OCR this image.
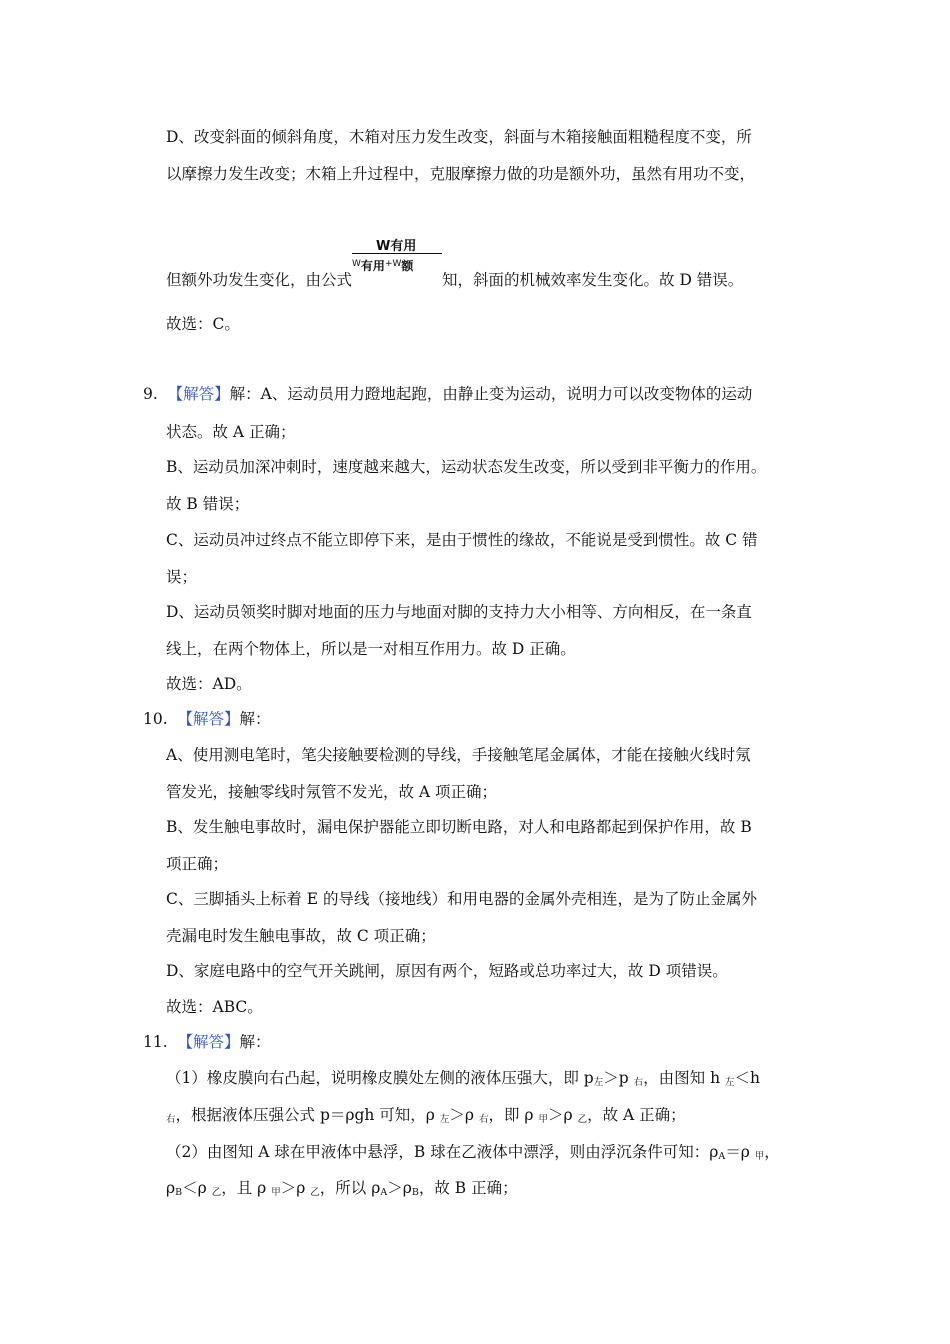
D、改变斜面的倾斜角度，木箱对压力发生改变，斜面与木箱接触面粗糙程度不变，所
以摩擦力发生改变；木箱上升过程中，克服摩擦力做的功是额外功，虽然有用功不变，
但额外功发生变化，由公式 $\frac{\text{W有用}}{^W有用^{+W}额}$ 知，斜面的机械效率发生变化。故 D 错误。
故选：C。
9. 【解答】解：A、运动员用力蹬地起跑，由静止变为运动，说明力可以改变物体的运动
状态。故 A 正确；
B、运动员加深冲刺时，速度越来越大，运动状态发生改变，所以受到非平衡力的作用。
故 B 错误；
C、运动员冲过终点不能立即停下来，是由于惯性的缘故，不能说是受到惯性。故 C 错
误；
D、运动员领奖时脚对地面的压力与地面对脚的支持力大小相等、方向相反，在一条直
线上，在两个物体上，所以是一对相互作用力。故 D 正确。
故选：AD。
10. 【解答】解：
A、使用测电笔时，笔尖接触要检测的导线，手接触笔尾金属体，才能在接触火线时氖
管发光，接触零线时氖管不发光，故 A 项正确；
B、发生触电事故时，漏电保护器能立即切断电路，对人和电路都起到保护作用，故 B
项正确；
C、三脚插头上标着 E 的导线（接地线）和用电器的金属外壳相连，是为了防止金属外
壳漏电时发生触电事故，故 C 项正确；
D、家庭电路中的空气开关跳闸，原因有两个，短路或总功率过大，故 D 项错误。
故选：ABC。
11. 【解答】解：
（1）橡皮膜向右凸起，说明橡皮膜处左侧的液体压强大，即 $p_左>p$ $_右$，由图知 h $_左$＜h
$_右$，根据液体压强公式 p＝ρgh 可知，ρ $_左$＞ρ $_右$，即 ρ $_甲$＞ρ $_乙$，故 A 正确；
（2）由图知 A 球在甲液体中悬浮，B 球在乙液体中漂浮，则由浮沉条件可知：$\rho_A=\rho$ $_甲$，
$\rho_B<\rho$ $_乙$，且 ρ $_甲$＞ρ $_乙$，所以 $\rho_A>\rho_B$，故 B 正确；
